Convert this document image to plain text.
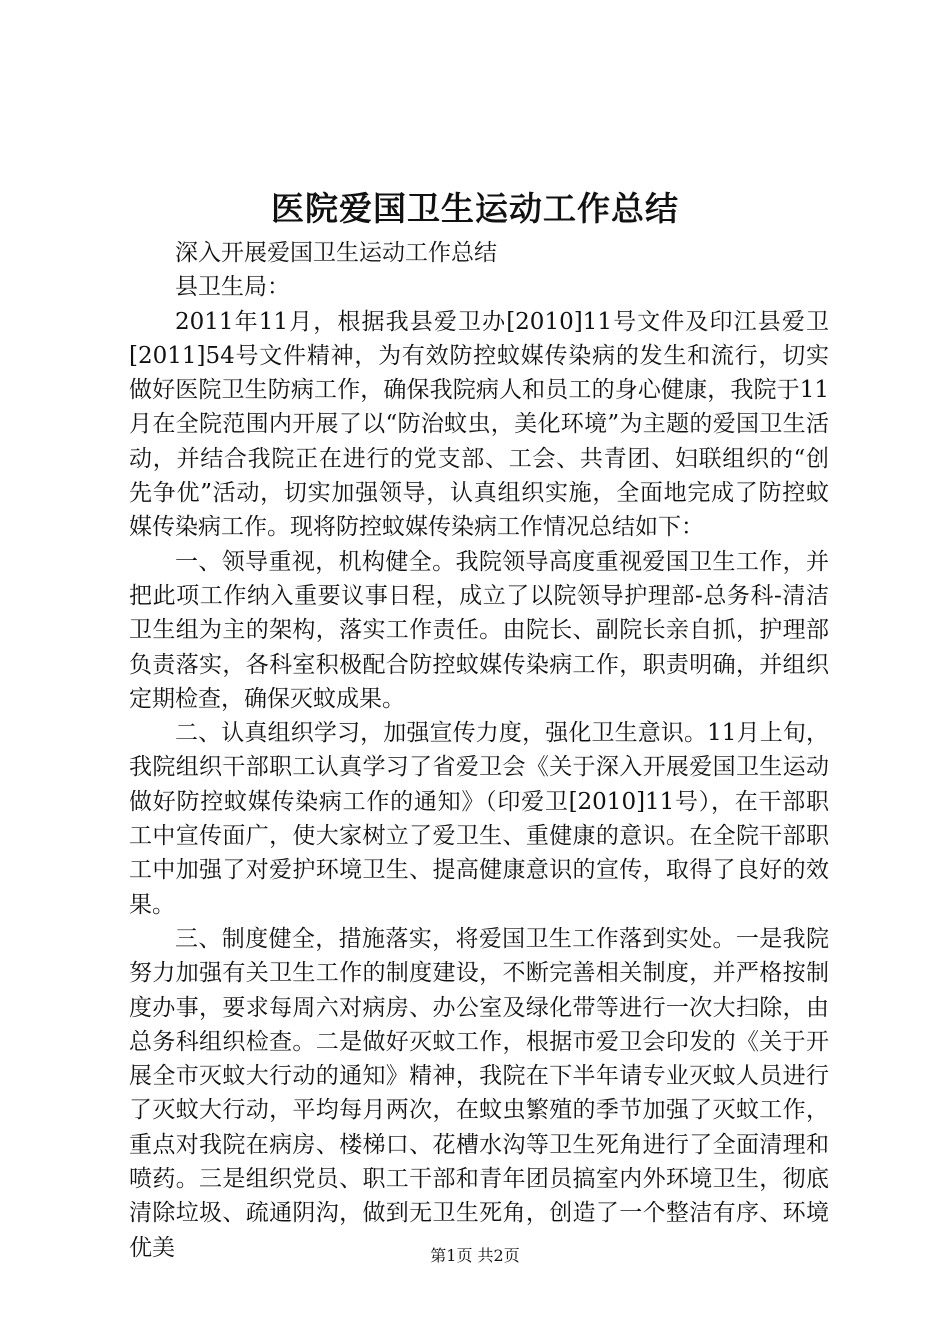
医院爱国卫生运动工作总结

深入开展爱国卫生运动工作总结

县卫生局：

2011年11月，根据我县爱卫办[2010]11号文件及印江县爱卫[2011]54号文件精神，为有效防控蚊媒传染病的发生和流行，切实做好医院卫生防病工作，确保我院病人和员工的身心健康，我院于11月在全院范围内开展了以“防治蚊虫，美化环境”为主题的爱国卫生活动，并结合我院正在进行的党支部、工会、共青团、妇联组织的“创先争优”活动，切实加强领导，认真组织实施，全面地完成了防控蚊媒传染病工作。现将防控蚊媒传染病工作情况总结如下：

一、领导重视，机构健全。我院领导高度重视爱国卫生工作，并把此项工作纳入重要议事日程，成立了以院领导护理部-总务科-清洁卫生组为主的架构，落实工作责任。由院长、副院长亲自抓，护理部负责落实，各科室积极配合防控蚊媒传染病工作，职责明确，并组织定期检查，确保灭蚊成果。

二、认真组织学习，加强宣传力度，强化卫生意识。11月上旬，我院组织干部职工认真学习了省爱卫会《关于深入开展爱国卫生运动做好防控蚊媒传染病工作的通知》（印爱卫[2010]11号），在干部职工中宣传面广，使大家树立了爱卫生、重健康的意识。在全院干部职工中加强了对爱护环境卫生、提高健康意识的宣传，取得了良好的效果。

三、制度健全，措施落实，将爱国卫生工作落到实处。一是我院努力加强有关卫生工作的制度建设，不断完善相关制度，并严格按制度办事，要求每周六对病房、办公室及绿化带等进行一次大扫除，由总务科组织检查。二是做好灭蚊工作，根据市爱卫会印发的《关于开展全市灭蚊大行动的通知》精神，我院在下半年请专业灭蚊人员进行了灭蚊大行动，平均每月两次，在蚊虫繁殖的季节加强了灭蚊工作，重点对我院在病房、楼梯口、花槽水沟等卫生死角进行了全面清理和喷药。三是组织党员、职工干部和青年团员搞室内外环境卫生，彻底清除垃圾、疏通阴沟，做到无卫生死角，创造了一个整洁有序、环境优美	第1页 共2页
